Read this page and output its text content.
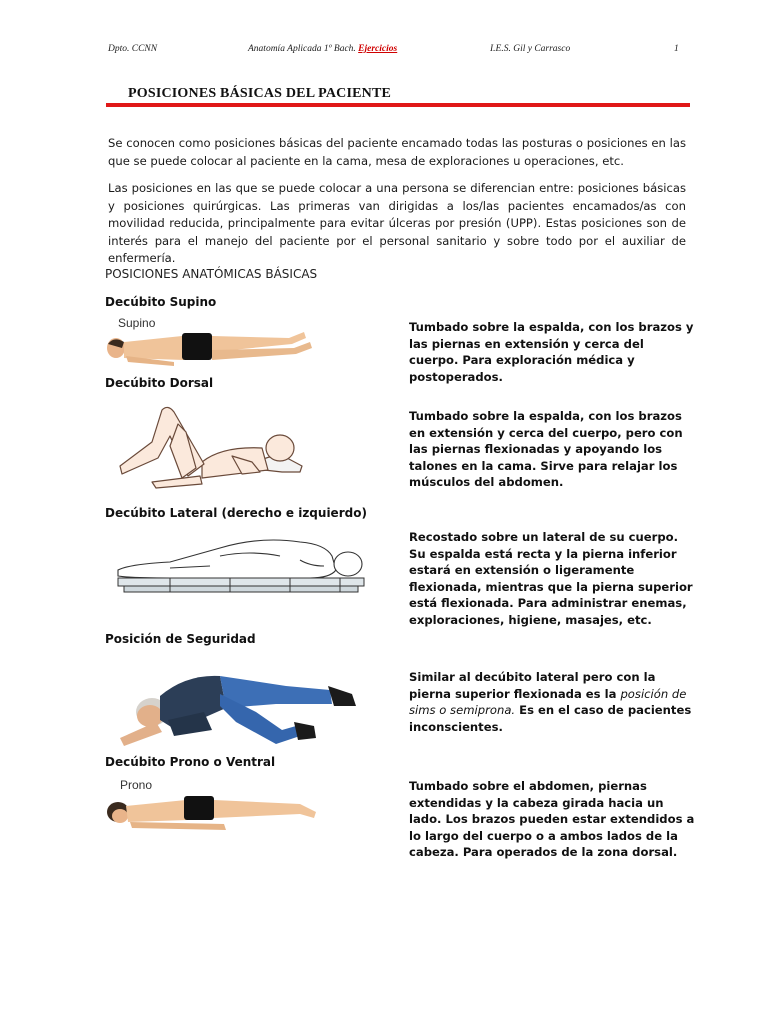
Dpto. CCNN	Anatomía Aplicada 1º Bach. Ejercicios	I.E.S. Gil y Carrasco	1
POSICIONES BÁSICAS DEL PACIENTE
Se conocen como posiciones básicas del paciente encamado todas las posturas o posiciones en las que se puede colocar al paciente en la cama, mesa de exploraciones u operaciones, etc.
Las posiciones en las que se puede colocar a una persona se diferencian entre: posiciones básicas y posiciones quirúrgicas. Las primeras van dirigidas a los/las pacientes encamados/as con movilidad reducida, principalmente para evitar úlceras por presión (UPP). Estas posiciones son de interés para el manejo del paciente por el personal sanitario y sobre todo por el auxiliar de enfermería.
POSICIONES ANATÓMICAS BÁSICAS
Decúbito Supino
Supino	Tumbado sobre la espalda, con los brazos y las piernas en extensión y cerca del cuerpo. Para exploración médica y postoperados.
Decúbito Dorsal
Tumbado sobre la espalda, con los brazos en extensión y cerca del cuerpo, pero con las piernas flexionadas y apoyando los talones en la cama. Sirve para relajar los músculos del abdomen.
Decúbito Lateral (derecho e izquierdo)
Recostado sobre un lateral de su cuerpo. Su espalda está recta y la pierna inferior estará en extensión o ligeramente flexionada, mientras que la pierna superior está flexionada. Para administrar enemas, exploraciones, higiene, masajes, etc.
Posición de Seguridad
Similar al decúbito lateral pero con la pierna superior flexionada es la posición de sims o semiprona. Es en el caso de pacientes inconscientes.
Decúbito Prono o Ventral
Prono	Tumbado sobre el abdomen, piernas extendidas y la cabeza girada hacia un lado. Los brazos pueden estar extendidos a lo largo del cuerpo o a ambos lados de la cabeza. Para operados de la zona dorsal.
